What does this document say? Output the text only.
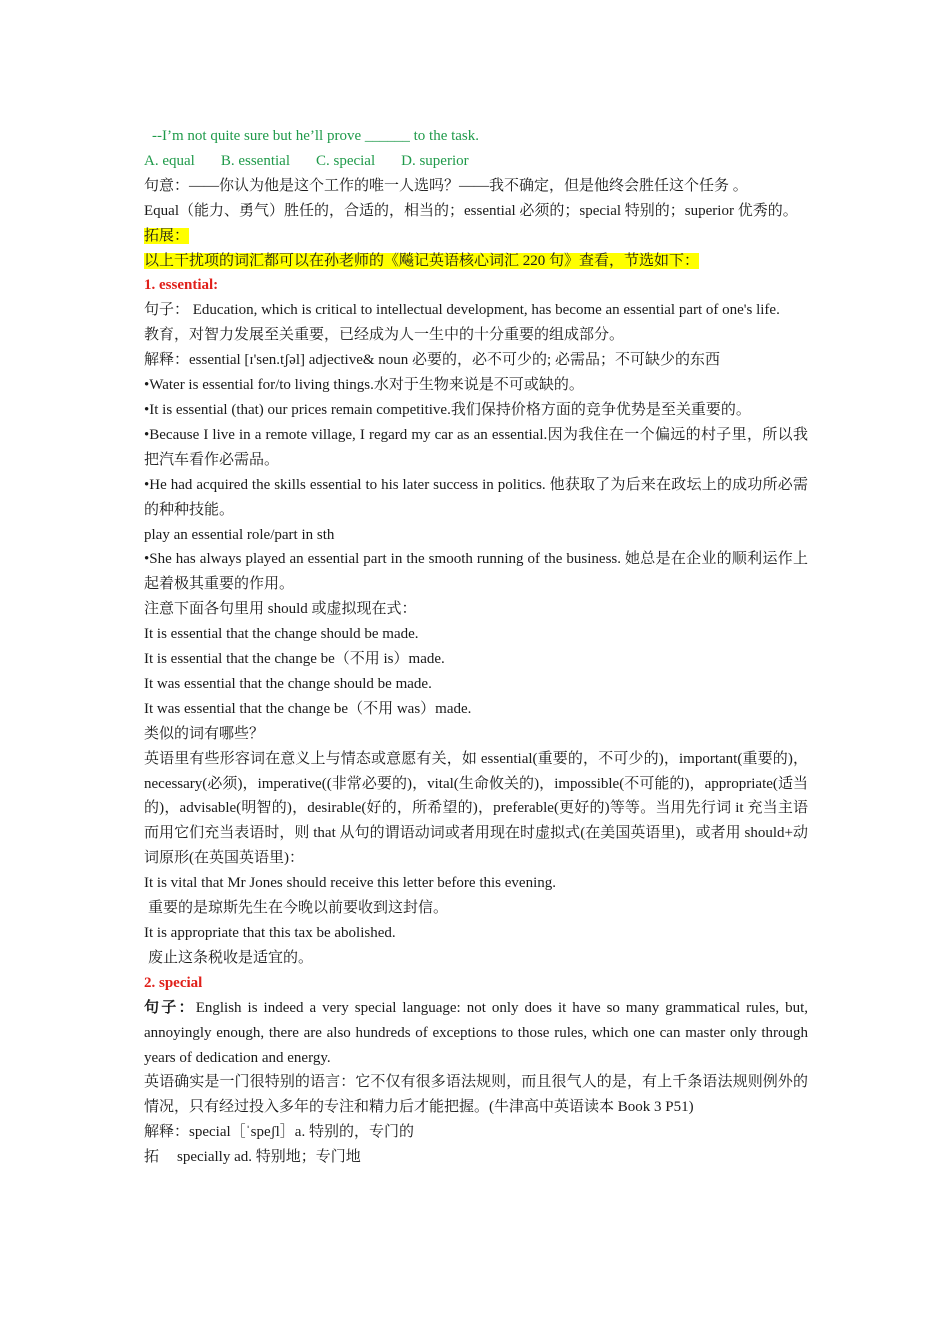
--I’m not quite sure but he’ll prove ______ to the task.
A. equal B. essential C. special D. superior
句意：——你认为他是这个工作的唯一人选吗？——我不确定，但是他终会胜任这个任务 。
Equal（能力、勇气）胜任的，合适的，相当的；essential 必须的；special 特别的；superior 优秀的。
拓展：
以上干扰项的词汇都可以在孙老师的《飚记英语核心词汇 220 句》查看，节选如下：
1. essential:
句子： Education, which is critical to intellectual development, has become an essential part of one's life.
教育，对智力发展至关重要，已经成为人一生中的十分重要的组成部分。
解释：essential [ɪ'sen.tʃəl] adjective& noun 必要的，必不可少的; 必需品；不可缺少的东西
•Water is essential for/to living things.水对于生物来说是不可或缺的。
•It is essential (that) our prices remain competitive.我们保持价格方面的竞争优势是至关重要的。
•Because I live in a remote village, I regard my car as an essential.因为我住在一个偏远的村子里，所以我把汽车看作必需品。
•He had acquired the skills essential to his later success in politics. 他获取了为后来在政坛上的成功所必需的种种技能。
play an essential role/part in sth
•She has always played an essential part in the smooth running of the business. 她总是在企业的顺利运作上起着极其重要的作用。
注意下面各句里用 should 或虚拟现在式：
It is essential that the change should be made.
It is essential that the change be（不用 is）made.
It was essential that the change should be made.
It was essential that the change be（不用 was）made.
类似的词有哪些？
英语里有些形容词在意义上与情态或意愿有关，如 essential(重要的，不可少的)，important(重要的)，necessary(必须)，imperative((非常必要的)，vital(生命攸关的)，impossible(不可能的)，appropriate(适当的)，advisable(明智的)，desirable(好的，所希望的)，preferable(更好的)等等。当用先行词 it 充当主语而用它们充当表语时，则 that 从句的谓语动词或者用现在时虚拟式(在美国英语里)，或者用 should+动词原形(在英国英语里)：
It is vital that Mr Jones should receive this letter before this evening.
重要的是琼斯先生在今晚以前要收到这封信。
It is appropriate that this tax be abolished.
废止这条税收是适宜的。
2. special
句子：English is indeed a very special language: not only does it have so many grammatical rules, but, annoyingly enough, there are also hundreds of exceptions to those rules, which one can master only through years of dedication and energy.
英语确实是一门很特别的语言：它不仅有很多语法规则，而且很气人的是，有上千条语法规则例外的情况，只有经过投入多年的专注和精力后才能把握。(牛津高中英语读本 Book 3 P51)
解释：special［ˈspeʃl］a. 特别的，专门的
拓 specially ad. 特别地；专门地
